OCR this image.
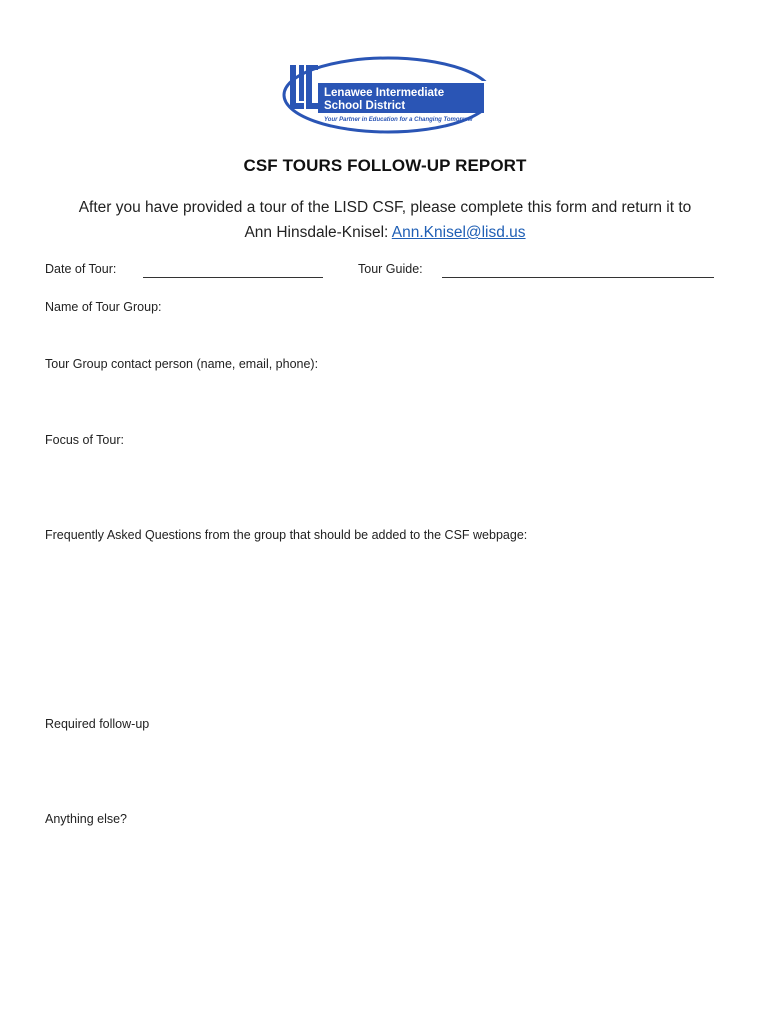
Lenawee Intermediate
School District
Your Partner in Education for a Changing Tomorrow
CSF TOURS FOLLOW-UP REPORT
After you have provided a tour of the LISD CSF, please complete this form and return it to
Ann Hinsdale-Knisel: Ann.Knisel@lisd.us
Date of Tour:	Tour Guide:
Name of Tour Group:
Tour Group contact person (name, email, phone):
Focus of Tour:
Frequently Asked Questions from the group that should be added to the CSF webpage:
Required follow-up
Anything else?
